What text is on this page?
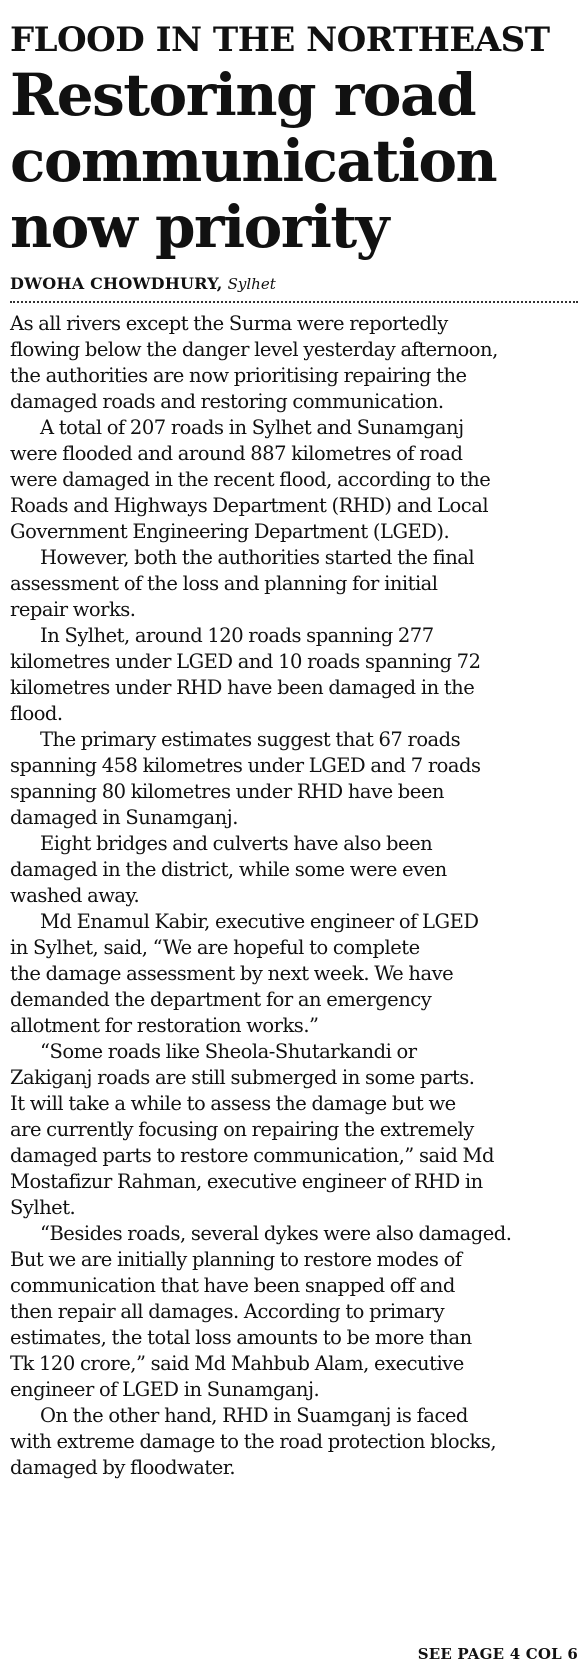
FLOOD IN THE NORTHEAST
Restoring road
communication
now priority
DWOHA CHOWDHURY, Sylhet
As all rivers except the Surma were reportedly
flowing below the danger level yesterday afternoon,
the authorities are now prioritising repairing the
damaged roads and restoring communication.
A total of 207 roads in Sylhet and Sunamganj
were flooded and around 887 kilometres of road
were damaged in the recent flood, according to the
Roads and Highways Department (RHD) and Local
Government Engineering Department (LGED).
However, both the authorities started the final
assessment of the loss and planning for initial
repair works.
In Sylhet, around 120 roads spanning 277
kilometres under LGED and 10 roads spanning 72
kilometres under RHD have been damaged in the
flood.
The primary estimates suggest that 67 roads
spanning 458 kilometres under LGED and 7 roads
spanning 80 kilometres under RHD have been
damaged in Sunamganj.
Eight bridges and culverts have also been
damaged in the district, while some were even
washed away.
Md Enamul Kabir, executive engineer of LGED
in Sylhet, said, “We are hopeful to complete
the damage assessment by next week. We have
demanded the department for an emergency
allotment for restoration works.”
“Some roads like Sheola-Shutarkandi or
Zakiganj roads are still submerged in some parts.
It will take a while to assess the damage but we
are currently focusing on repairing the extremely
damaged parts to restore communication,” said Md
Mostafizur Rahman, executive engineer of RHD in
Sylhet.
“Besides roads, several dykes were also damaged.
But we are initially planning to restore modes of
communication that have been snapped off and
then repair all damages. According to primary
estimates, the total loss amounts to be more than
Tk 120 crore,” said Md Mahbub Alam, executive
engineer of LGED in Sunamganj.
On the other hand, RHD in Suamganj is faced
with extreme damage to the road protection blocks,
damaged by floodwater.
SEE PAGE 4 COL 6
